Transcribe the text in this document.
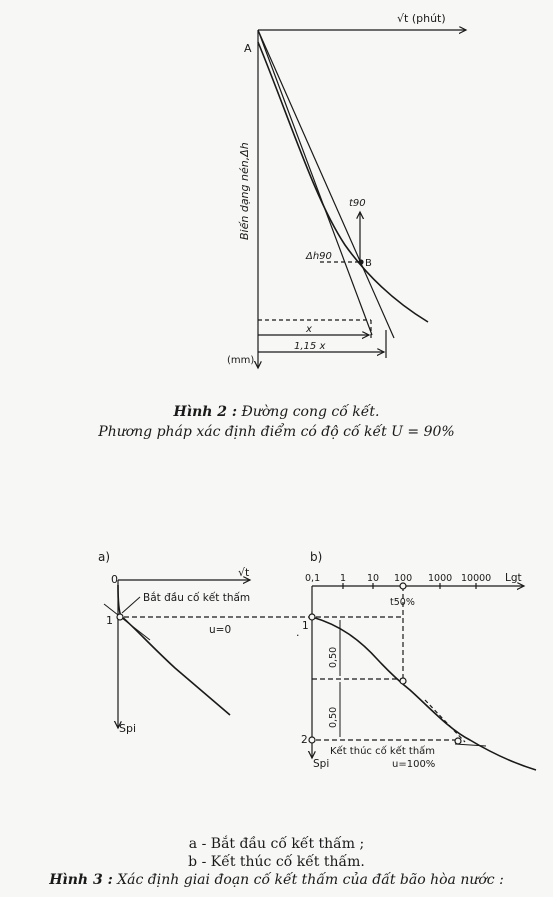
√t (phút)
A
B
t90
Δh90
x
1,15 x
(mm)
Biến dạng nén,Δh
a)
0
√t
Bắt đầu cố kết thấm
1
u=0
Spi
b)
0,1 1 10 100 1000 10000 Lgt
t50%
1
0,50
0,50
2
Kết thúc cố kết thấm
u=100%
Spi
.
Hình 2 : Đường cong cố kết.
Phương pháp xác định điểm có độ cố kết U = 90%
a - Bắt đầu cố kết thấm ;
b - Kết thúc cố kết thấm.
Hình 3 : Xác định giai đoạn cố kết thấm của đất bão hòa nước :
